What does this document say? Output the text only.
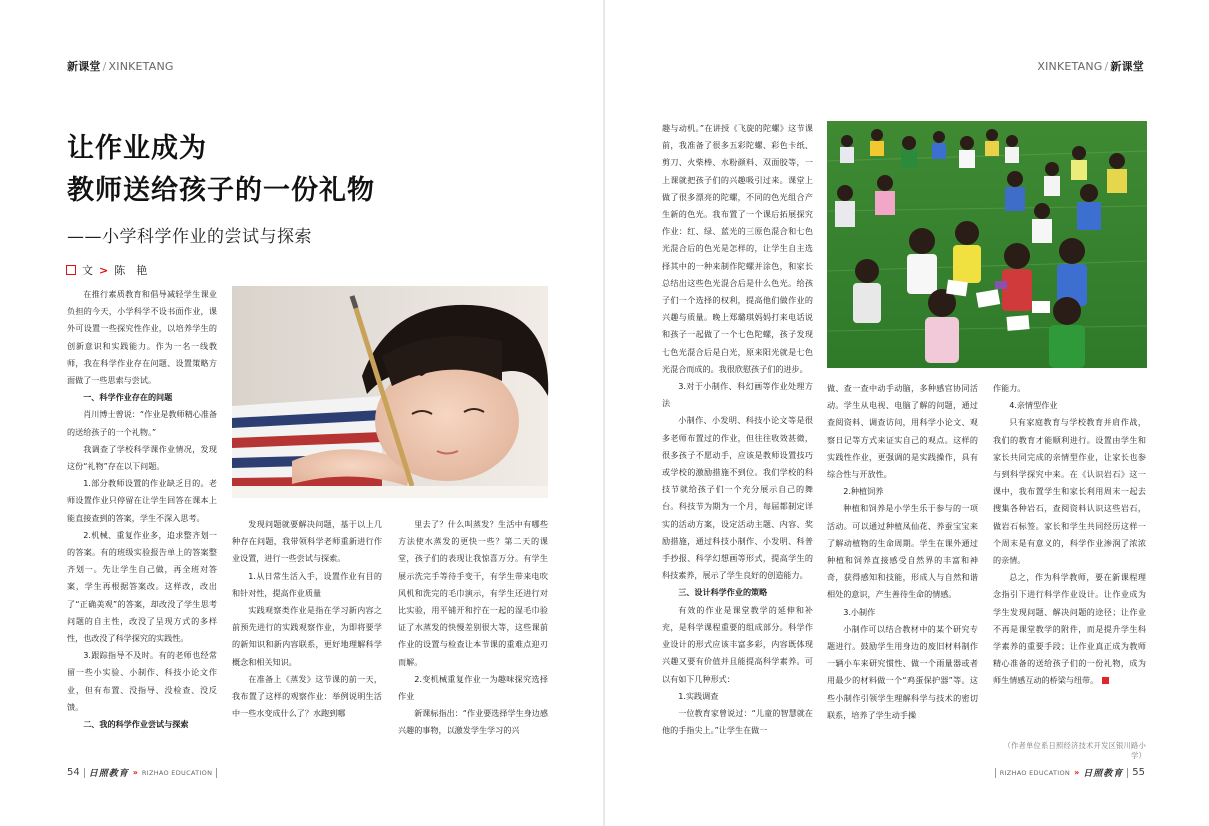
新课堂 / XINKETANG
让作业成为
教师送给孩子的一份礼物
——小学科学作业的尝试与探索
文 > 陈　艳

在推行素质教育和倡导减轻学生课业负担的今天，小学科学不设书面作业，课外可设置一些探究性作业，以培养学生的创新意识和实践能力。作为一名一线教师，我在科学作业存在问题、设置策略方面做了一些思索与尝试。

一、科学作业存在的问题

肖川博士曾说：“作业是教师精心准备的送给孩子的一个礼物。”

我调查了学校科学课作业情况，发现这份“礼物”存在以下问题。

1.部分教师设置的作业缺乏目的。老师设置作业只停留在让学生回答在课本上能直接查到的答案，学生不深入思考。

2.机械、重复作业多，追求整齐划一的答案。有的班级实验报告单上的答案整齐划一。先让学生自己做，再全班对答案，学生再根据答案改。这样改，改出了“正确美观”的答案，却改没了学生思考问题的自主性，改没了呈现方式的多样性，也改没了科学探究的实践性。

3.跟踪指导不及时。有的老师也经常留一些小实验、小制作、科技小论文作业，但有布置、没指导、没检查、没反馈。

二、我的科学作业尝试与探索

发现问题就要解决问题，基于以上几种存在问题，我带领科学老师重新进行作业设置，进行一些尝试与探索。

1.从日常生活入手，设置作业有目的和针对性，提高作业质量

实践观察类作业是指在学习新内容之前预先进行的实践观察作业，为即将要学的新知识和新内容联系，更好地理解科学概念和相关知识。

在准备上《蒸发》这节课的前一天，我布置了这样的观察作业：举例说明生活中一些水变成什么了？水跑到哪

里去了？什么叫蒸发？生活中有哪些方法使水蒸发的更快一些？第二天的课堂，孩子们的表现让我惊喜万分。有学生展示洗完手等待手变干，有学生带来电吹风机和洗完的毛巾演示，有学生还进行对比实验，用平铺开和拧在一起的湿毛巾验证了水蒸发的快慢差别很大等，这些课前作业的设置与检查让本节课的重难点迎刃而解。

2.变机械重复作业一为趣味探究选择作业

新课标指出：“作业要选择学生身边感兴趣的事物，以激发学生学习的兴

54 日照教育 » RIZHAO EDUCATION
XINKETANG / 新课堂

趣与动机。”在讲授《飞旋的陀螺》这节课前，我准备了很多五彩陀螺、彩色卡纸、剪刀、火柴棒、水粉颜料、双面胶等，一上课就把孩子们的兴趣吸引过来。课堂上做了很多漂亮的陀螺，不同的色光组合产生新的色光。我布置了一个课后拓展探究作业：红、绿、蓝光的三原色混合和七色光混合后的色光是怎样的，让学生自主选择其中的一种来制作陀螺并涂色，和家长总结出这些色光混合后是什么色光。给孩子们一个选择的权利，提高他们做作业的兴趣与质量。晚上郑璐琪妈妈打来电话说和孩子一起做了一个七色陀螺，孩子发现七色光混合后是白光，原来阳光就是七色光混合而成的。我很欣慰孩子们的进步。

3.对于小制作、科幻画等作业处理方法

小制作、小发明、科技小论文等是很多老师布置过的作业，但往往收效甚微，很多孩子不愿动手，应该是教师设置技巧或学校的激励措施不到位。我们学校的科技节就给孩子们一个充分展示自己的舞台。科技节为期为一个月，每届都制定详实的活动方案，设定活动主题、内容、奖励措施，通过科技小制作、小发明、科普手抄报、科学幻想画等形式，提高学生的科技素养，展示了学生良好的创造能力。

三、设计科学作业的策略

有效的作业是课堂教学的延伸和补充，是科学课程重要的组成部分。科学作业设计的形式应该丰富多彩，内容既体现兴趣又要有价值并且能提高科学素养。可以有如下几种形式：

1.实践调查

一位教育家曾说过：“儿童的智慧就在他的手指尖上。”让学生在做一

做、查一查中动手动脑，多种感官协同活动。学生从电视、电脑了解的问题，通过查阅资料、调查访问，用科学小论文、观察日记等方式来证实自己的观点。这样的实践性作业，更强调的是实践操作，具有综合性与开放性。

2.种植饲养

种植和饲养是小学生乐于参与的一项活动。可以通过种植凤仙花、养蚕宝宝来了解动植物的生命周期。学生在课外通过种植和饲养直接感受自然界的丰富和神奇，获得感知和技能，形成人与自然和谐相处的意识，产生善待生命的情感。

3.小制作

小制作可以结合教材中的某个研究专题进行。鼓励学生用身边的废旧材料制作一辆小车来研究惯性、做一个雨量器或者用最少的材料做一个“鸡蛋保护器”等。这些小制作引领学生理解科学与技术的密切联系，培养了学生动手操

作能力。

4.亲情型作业

只有家庭教育与学校教育并肩作战，我们的教育才能顺利进行。设置由学生和家长共同完成的亲情型作业，让家长也参与到科学探究中来。在《认识岩石》这一课中，我布置学生和家长利用周末一起去搜集各种岩石，查阅资料认识这些岩石，做岩石标签。家长和学生共同经历这样一个周末是有意义的，科学作业渗润了浓浓的亲情。

总之，作为科学教师，要在新课程理念指引下进行科学作业设计。让作业成为学生发现问题、解决问题的途径；让作业不再是课堂教学的附件，而是提升学生科学素养的重要手段；让作业真正成为教师精心准备的送给孩子们的一份礼物，成为师生情感互动的桥梁与纽带。

RIZHAO EDUCATION » 日照教育 55
（作者单位系日照经济技术开发区银川路小学）
